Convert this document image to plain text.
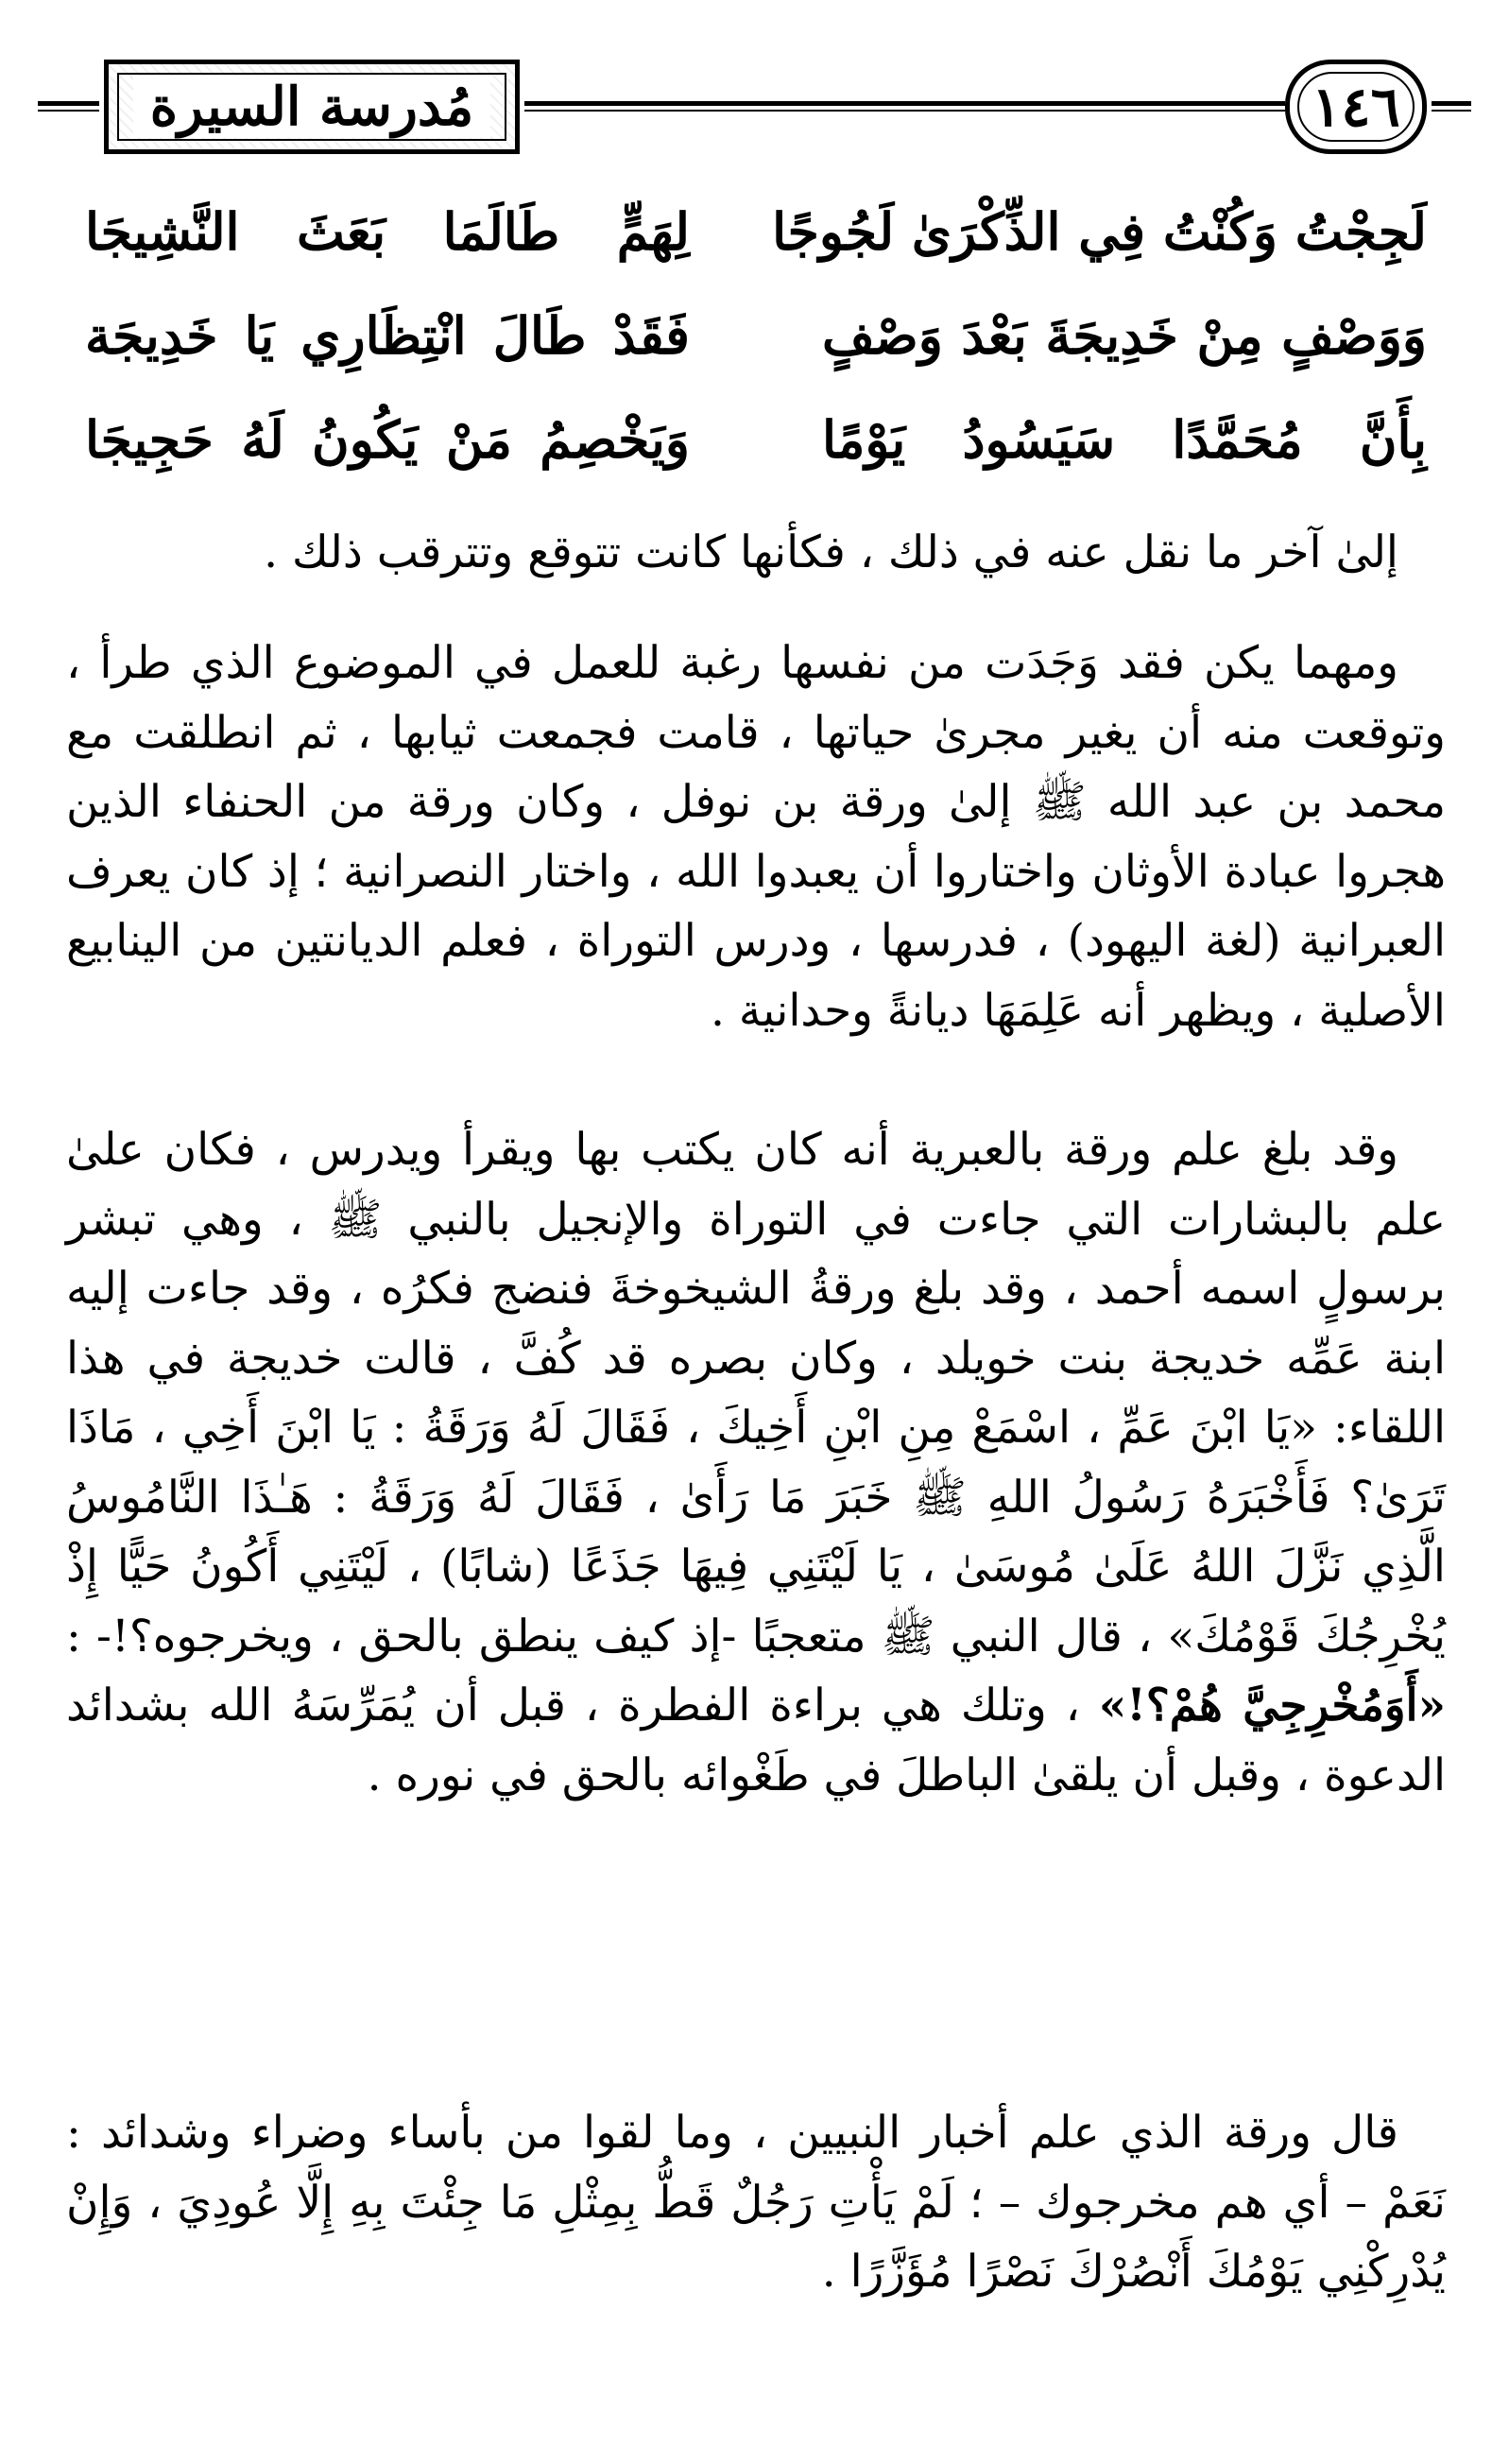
مُدرسة السيرة	١٤٦
لَجِجْتُ وَكُنْتُ فِي الذِّكْرَىٰ لَجُوجًا
لِهَمٍّ طَالَمَا بَعَثَ النَّشِيجَا
وَوَصْفٍ مِنْ خَدِيجَةَ بَعْدَ وَصْفٍ
فَقَدْ طَالَ انْتِظَارِي يَا خَدِيجَة
بِأَنَّ مُحَمَّدًا سَيَسُودُ يَوْمًا
وَيَخْصِمُ مَنْ يَكُونُ لَهُ حَجِيجَا

إلىٰ آخر ما نقل عنه في ذلك ، فكأنها كانت تتوقع وتترقب ذلك .

ومهما يكن فقد وَجَدَت من نفسها رغبة للعمل في الموضوع الذي طرأ ، وتوقعت منه أن يغير مجرىٰ حياتها ، قامت فجمعت ثيابها ، ثم انطلقت مع محمد بن عبد الله ﷺ إلىٰ ورقة بن نوفل ، وكان ورقة من الحنفاء الذين هجروا عبادة الأوثان واختاروا أن يعبدوا الله ، واختار النصرانية ؛ إذ كان يعرف العبرانية (لغة اليهود) ، فدرسها ، ودرس التوراة ، فعلم الديانتين من الينابيع الأصلية ، ويظهر أنه عَلِمَهَا ديانةً وحدانية .

وقد بلغ علم ورقة بالعبرية أنه كان يكتب بها ويقرأ ويدرس ، فكان علىٰ علم بالبشارات التي جاءت في التوراة والإنجيل بالنبي ﷺ ، وهي تبشر برسولٍ اسمه أحمد ، وقد بلغ ورقةُ الشيخوخةَ فنضج فكرُه ، وقد جاءت إليه ابنة عَمِّه خديجة بنت خويلد ، وكان بصره قد كُفَّ ، قالت خديجة في هذا اللقاء: «يَا ابْنَ عَمِّ ، اسْمَعْ مِنِ ابْنِ أَخِيكَ ، فَقَالَ لَهُ وَرَقَةُ : يَا ابْنَ أَخِي ، مَاذَا تَرَىٰ؟ فَأَخْبَرَهُ رَسُولُ اللهِ ﷺ خَبَرَ مَا رَأَىٰ ، فَقَالَ لَهُ وَرَقَةُ : هَـٰذَا النَّامُوسُ الَّذِي نَزَّلَ اللهُ عَلَىٰ مُوسَىٰ ، يَا لَيْتَنِي فِيهَا جَذَعًا (شابًا) ، لَيْتَنِي أَكُونُ حَيًّا إِذْ يُخْرِجُكَ قَوْمُكَ» ، قال النبي ﷺ متعجبًا -إذ كيف ينطق بالحق ، ويخرجوه؟!- : «أَوَمُخْرِجِيَّ هُمْ؟!» ، وتلك هي براءة الفطرة ، قبل أن يُمَرِّسَهُ الله بشدائد الدعوة ، وقبل أن يلقىٰ الباطلَ في طَغْوائه بالحق في نوره .

قال ورقة الذي علم أخبار النبيين ، وما لقوا من بأساء وضراء وشدائد : نَعَمْ – أي هم مخرجوك – ؛ لَمْ يَأْتِ رَجُلٌ قَطُّ بِمِثْلِ مَا جِئْتَ بِهِ إِلَّا عُودِيَ ، وَإِنْ يُدْرِكْنِي يَوْمُكَ أَنْصُرْكَ نَصْرًا مُؤَزَّرًا .
